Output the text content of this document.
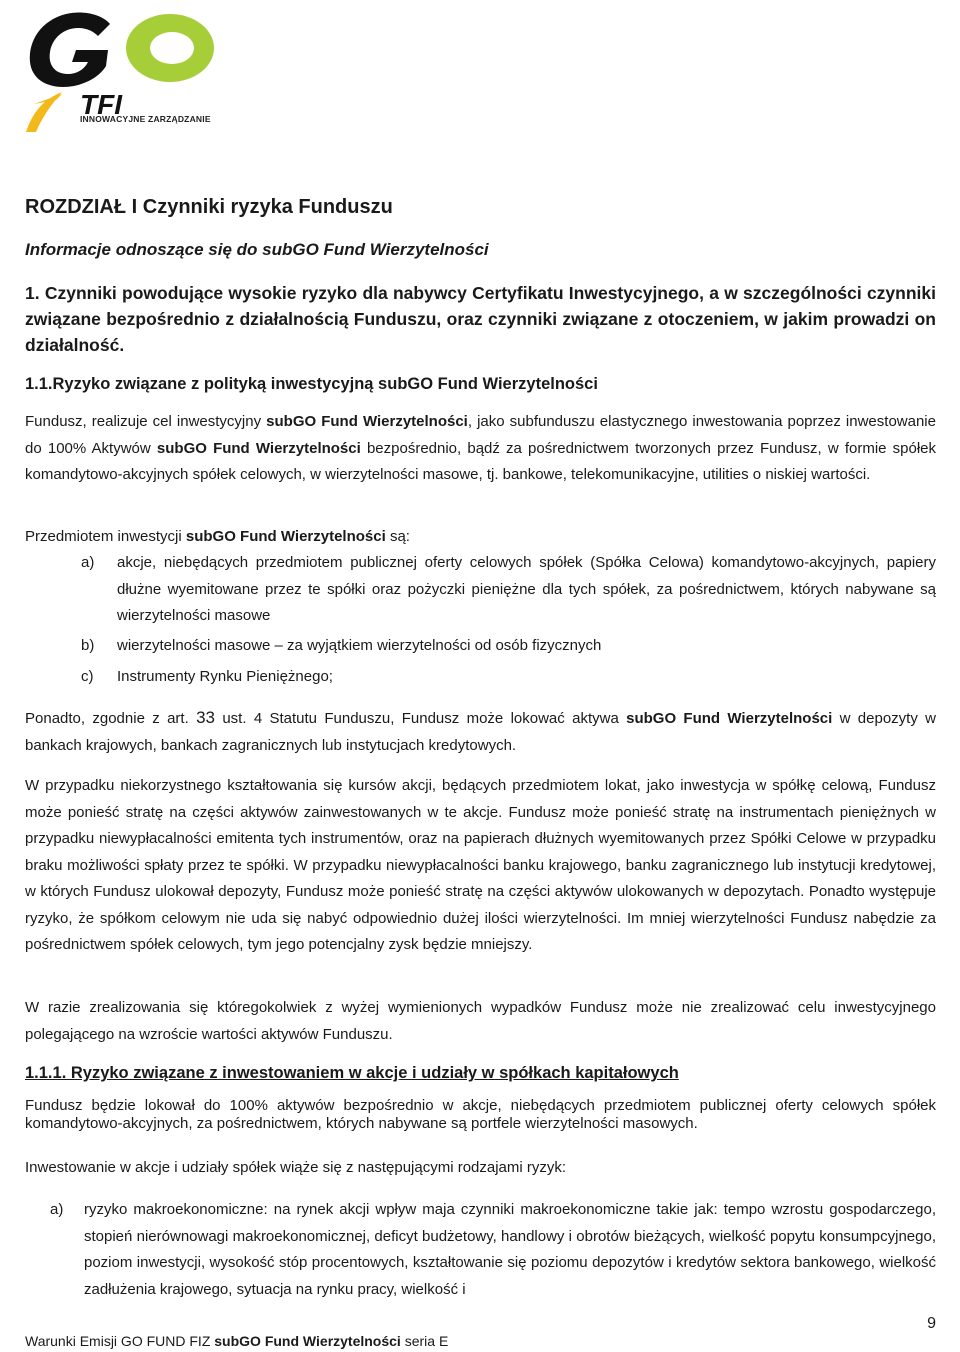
TFI
INNOWACYJNE ZARZĄDZANIE
ROZDZIAŁ I Czynniki ryzyka Funduszu
Informacje odnoszące się do subGO Fund Wierzytelności
1. Czynniki powodujące wysokie ryzyko dla nabywcy Certyfikatu Inwestycyjnego, a w szczególności czynniki związane bezpośrednio z działalnością Funduszu, oraz czynniki związane z otoczeniem, w jakim prowadzi on działalność.
1.1.Ryzyko związane z polityką inwestycyjną subGO Fund Wierzytelności
Fundusz, realizuje cel inwestycyjny subGO Fund Wierzytelności, jako subfunduszu elastycznego inwestowania poprzez inwestowanie do 100% Aktywów subGO Fund Wierzytelności bezpośrednio, bądź za pośrednictwem tworzonych przez Fundusz, w formie spółek komandytowo-akcyjnych spółek celowych, w wierzytelności masowe, tj. bankowe, telekomunikacyjne, utilities o niskiej wartości.
Przedmiotem inwestycji subGO Fund Wierzytelności są:
a) akcje, niebędących przedmiotem publicznej oferty celowych spółek (Spółka Celowa) komandytowo-akcyjnych, papiery dłużne wyemitowane przez te spółki oraz pożyczki pieniężne dla tych spółek, za pośrednictwem, których nabywane są wierzytelności masowe
b) wierzytelności masowe – za wyjątkiem wierzytelności od osób fizycznych
c) Instrumenty Rynku Pieniężnego;
Ponadto, zgodnie z art. 33 ust. 4 Statutu Funduszu, Fundusz może lokować aktywa subGO Fund Wierzytelności w depozyty w bankach krajowych, bankach zagranicznych lub instytucjach kredytowych.
W przypadku niekorzystnego kształtowania się kursów akcji, będących przedmiotem lokat, jako inwestycja w spółkę celową, Fundusz może ponieść stratę na części aktywów zainwestowanych w te akcje. Fundusz może ponieść stratę na instrumentach pieniężnych w przypadku niewypłacalności emitenta tych instrumentów, oraz na papierach dłużnych wyemitowanych przez Spółki Celowe w przypadku braku możliwości spłaty przez te spółki. W przypadku niewypłacalności banku krajowego, banku zagranicznego lub instytucji kredytowej, w których Fundusz ulokował depozyty, Fundusz może ponieść stratę na części aktywów ulokowanych w depozytach. Ponadto występuje ryzyko, że spółkom celowym nie uda się nabyć odpowiednio dużej ilości wierzytelności. Im mniej wierzytelności Fundusz nabędzie za pośrednictwem spółek celowych, tym jego potencjalny zysk będzie mniejszy.
W razie zrealizowania się któregokolwiek z wyżej wymienionych wypadków Fundusz może nie zrealizować celu inwestycyjnego polegającego na wzroście wartości aktywów Funduszu.
1.1.1. Ryzyko związane z inwestowaniem w akcje i udziały w spółkach kapitałowych
Fundusz będzie lokował do 100% aktywów bezpośrednio w akcje, niebędących przedmiotem publicznej oferty celowych spółek komandytowo-akcyjnych, za pośrednictwem, których nabywane są portfele wierzytelności masowych.
Inwestowanie w akcje i udziały spółek wiąże się z następującymi rodzajami ryzyk:
a) ryzyko makroekonomiczne: na rynek akcji wpływ maja czynniki makroekonomiczne takie jak: tempo wzrostu gospodarczego, stopień nierównowagi makroekonomicznej, deficyt budżetowy, handlowy i obrotów bieżących, wielkość popytu konsumpcyjnego, poziom inwestycji, wysokość stóp procentowych, kształtowanie się poziomu depozytów i kredytów sektora bankowego, wielkość zadłużenia krajowego, sytuacja na rynku pracy, wielkość i
9
Warunki Emisji GO FUND FIZ subGO Fund Wierzytelności seria E
